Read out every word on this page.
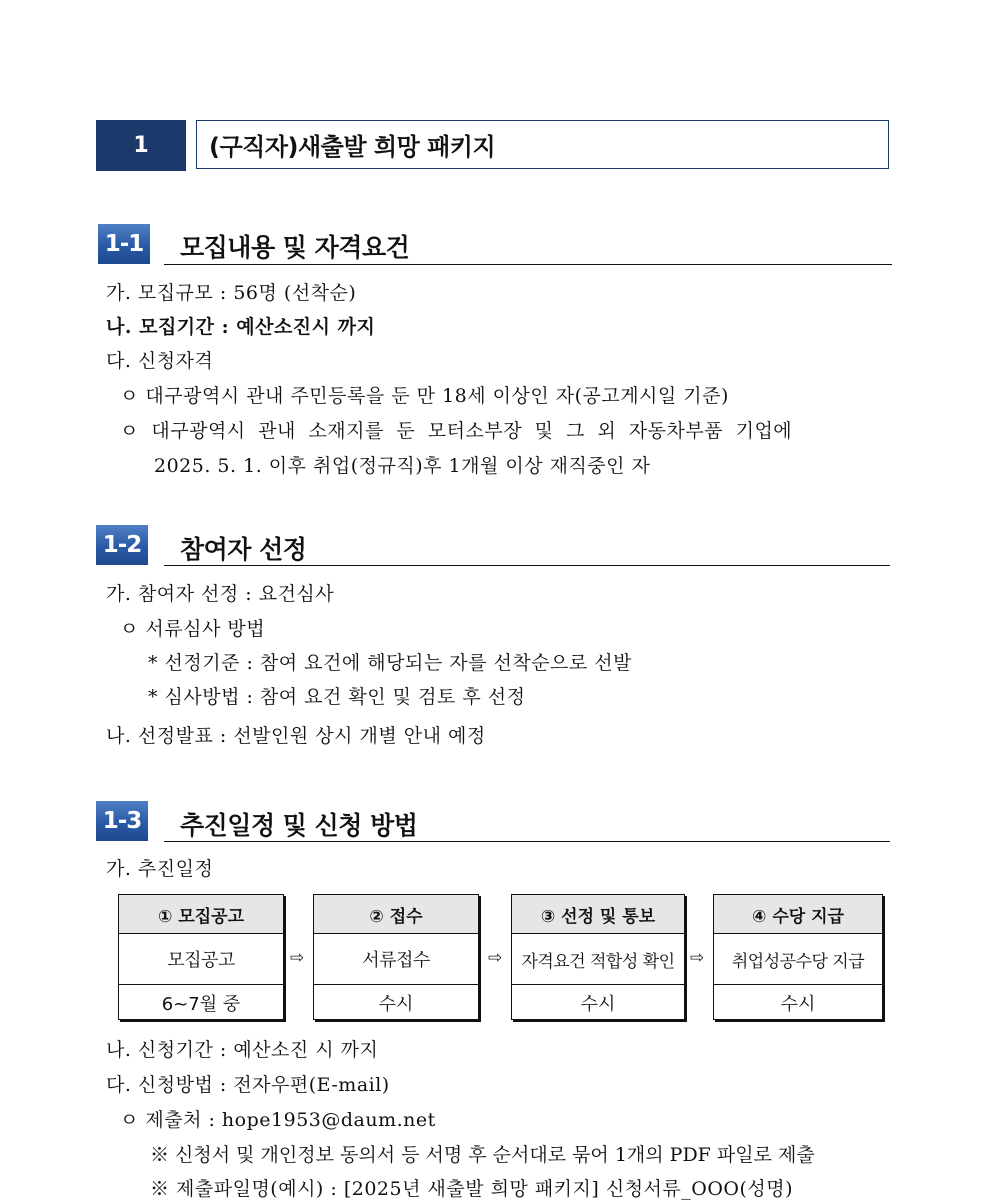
1	(구직자)새출발 희망 패키지
1-1 모집내용 및 자격요건
가. 모집규모 : 56명 (선착순)
나. 모집기간 : 예산소진시 까지
다. 신청자격
ㅇ 대구광역시 관내 주민등록을 둔 만 18세 이상인 자(공고게시일 기준)
ㅇ 대구광역시 관내 소재지를 둔 모터소부장 및 그 외 자동차부품 기업에
2025. 5. 1. 이후 취업(정규직)후 1개월 이상 재직중인 자
1-2 참여자 선정
가. 참여자 선정 : 요건심사
ㅇ 서류심사 방법
* 선정기준 : 참여 요건에 해당되는 자를 선착순으로 선발
* 심사방법 : 참여 요건 확인 및 검토 후 선정
나. 선정발표 : 선발인원 상시 개별 안내 예정
1-3 추진일정 및 신청 방법
가. 추진일정
① 모집공고
모집공고
6~7월 중
⇨
② 접수
서류접수
수시
⇨
③ 선정 및 통보
자격요건 적합성 확인
수시
⇨
④ 수당 지급
취업성공수당 지급
수시
나. 신청기간 : 예산소진 시 까지
다. 신청방법 : 전자우편(E-mail)
ㅇ 제출처 : hope1953@daum.net
※ 신청서 및 개인정보 동의서 등 서명 후 순서대로 묶어 1개의 PDF 파일로 제출
※ 제출파일명(예시) : [2025년 새출발 희망 패키지] 신청서류_OOO(성명)
